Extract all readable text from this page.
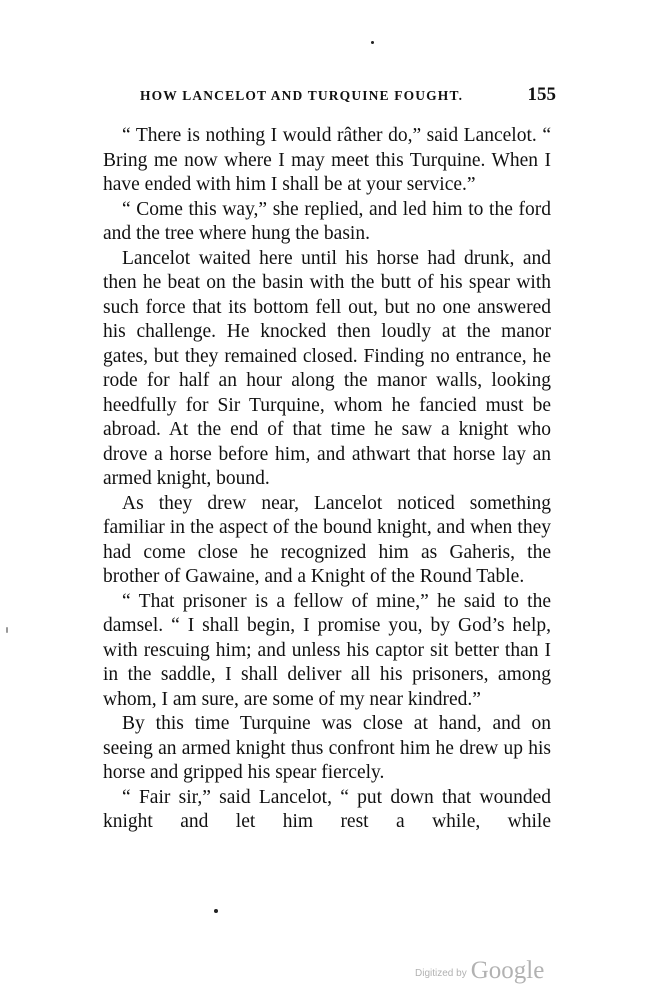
HOW LANCELOT AND TURQUINE FOUGHT.	155

“ There is nothing I would râther do,” said Lancelot. “ Bring me now where I may meet this Turquine. When I have ended with him I shall be at your service.”

“ Come this way,” she replied, and led him to the ford and the tree where hung the basin.

Lancelot waited here until his horse had drunk, and then he beat on the basin with the butt of his spear with such force that its bottom fell out, but no one answered his challenge. He knocked then loudly at the manor gates, but they remained closed. Finding no entrance, he rode for half an hour along the manor walls, looking heedfully for Sir Turquine, whom he fancied must be abroad. At the end of that time he saw a knight who drove a horse before him, and athwart that horse lay an armed knight, bound.

As they drew near, Lancelot noticed something familiar in the aspect of the bound knight, and when they had come close he recognized him as Gaheris, the brother of Gawaine, and a Knight of the Round Table.

“ That prisoner is a fellow of mine,” he said to the damsel. “ I shall begin, I promise you, by God’s help, with rescuing him; and unless his captor sit better than I in the saddle, I shall deliver all his prisoners, among whom, I am sure, are some of my near kindred.”

By this time Turquine was close at hand, and on seeing an armed knight thus confront him he drew up his horse and gripped his spear fiercely.

“ Fair sir,” said Lancelot, “ put down that wounded knight and let him rest a while, while

Digitized by Google
